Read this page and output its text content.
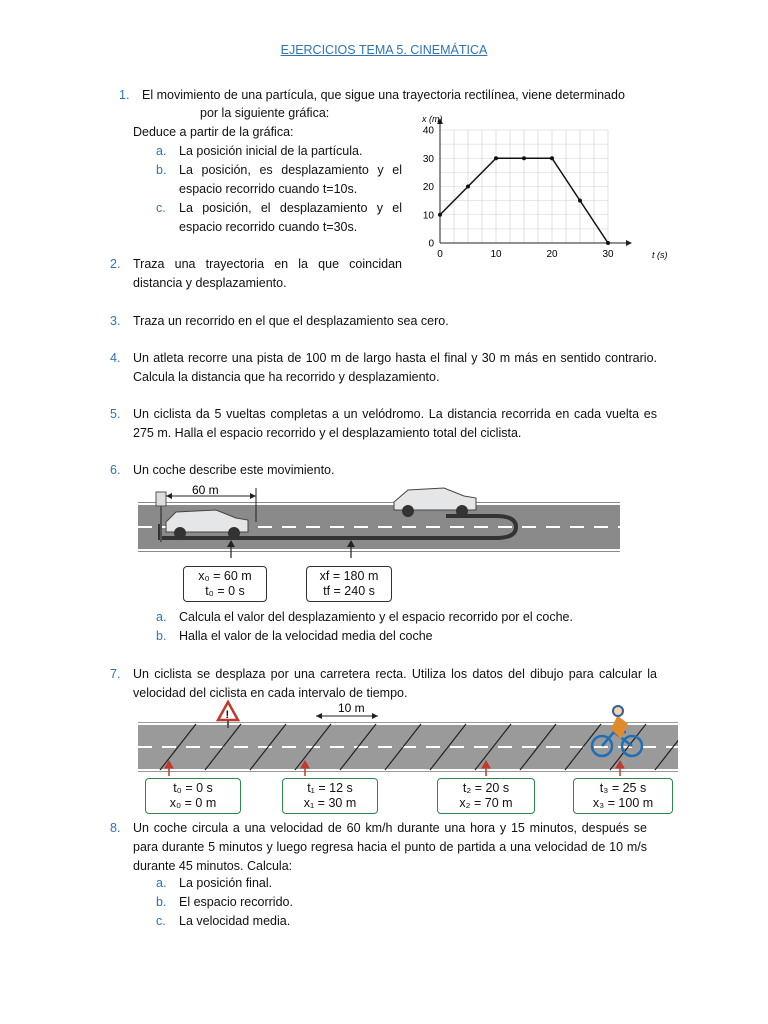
EJERCICIOS TEMA 5. CINEMÁTICA
1. El movimiento de una partícula, que sigue una trayectoria rectilínea, viene determinado
por la siguiente gráfica:
Deduce a partir de la gráfica:
a. La posición inicial de la partícula.
b. La posición, es desplazamiento y el espacio recorrido cuando t=10s.
c. La posición, el desplazamiento y el espacio recorrido cuando t=30s.
0	10	20	30
0
10
20
30
40
x (m)
t (s)
2. Traza una trayectoria en la que coincidan distancia y desplazamiento.
3. Traza un recorrido en el que el desplazamiento sea cero.
4. Un atleta recorre una pista de 100 m de largo hasta el final y 30 m más en sentido contrario. Calcula la distancia que ha recorrido y desplazamiento.
5. Un ciclista da 5 vueltas completas a un velódromo. La distancia recorrida en cada vuelta es 275 m. Halla el espacio recorrido y el desplazamiento total del ciclista.
6. Un coche describe este movimiento.
60 m
x₀ = 60 m
t₀ = 0 s
xf = 180 m
tf = 240 s
a. Calcula el valor del desplazamiento y el espacio recorrido por el coche.
b. Halla el valor de la velocidad media del coche
7. Un ciclista se desplaza por una carretera recta. Utiliza los datos del dibujo para calcular la velocidad del ciclista en cada intervalo de tiempo.
!	10 m
t₀ = 0 s
x₀ = 0 m
t₁ = 12 s
x₁ = 30 m
t₂ = 20 s
x₂ = 70 m
t₃ = 25 s
x₃ = 100 m
8. Un coche circula a una velocidad de 60 km/h durante una hora y 15 minutos, después se para durante 5 minutos y luego regresa hacia el punto de partida a una velocidad de 10 m/s durante 45 minutos. Calcula:
a. La posición final.
b. El espacio recorrido.
c. La velocidad media.
